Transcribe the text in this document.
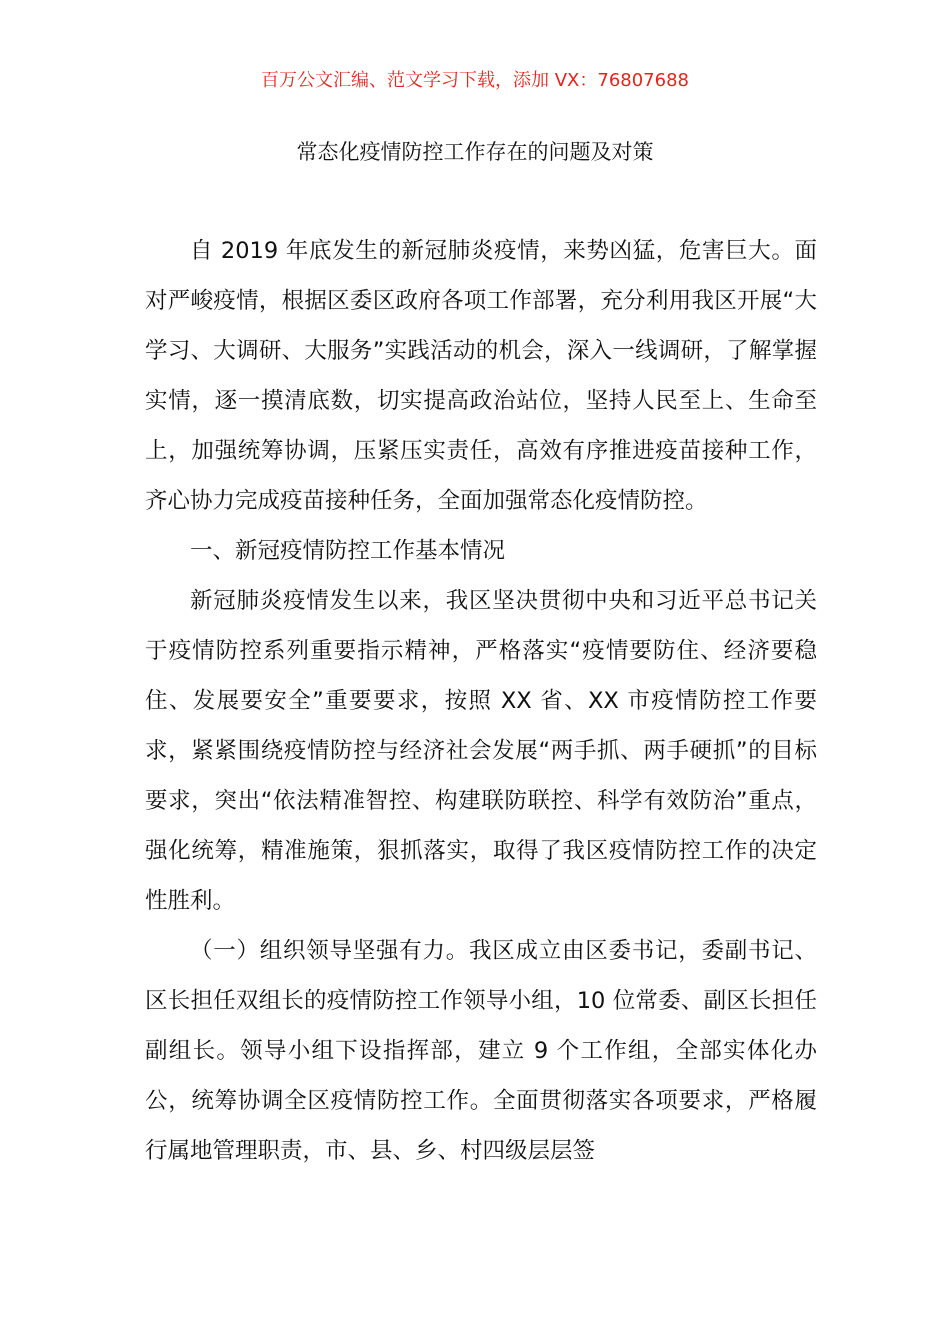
百万公文汇编、范文学习下载，添加 VX：76807688
常态化疫情防控工作存在的问题及对策

自 2019 年底发生的新冠肺炎疫情，来势凶猛，危害巨大。面对严峻疫情，根据区委区政府各项工作部署，充分利用我区开展“大学习、大调研、大服务”实践活动的机会，深入一线调研，了解掌握实情，逐一摸清底数，切实提高政治站位，坚持人民至上、生命至上，加强统筹协调，压紧压实责任，高效有序推进疫苗接种工作，齐心协力完成疫苗接种任务，全面加强常态化疫情防控。

一、新冠疫情防控工作基本情况

新冠肺炎疫情发生以来，我区坚决贯彻中央和习近平总书记关于疫情防控系列重要指示精神，严格落实“疫情要防住、经济要稳住、发展要安全”重要要求，按照 XX 省、XX 市疫情防控工作要求，紧紧围绕疫情防控与经济社会发展“两手抓、两手硬抓”的目标要求，突出“依法精准智控、构建联防联控、科学有效防治”重点，强化统筹，精准施策，狠抓落实，取得了我区疫情防控工作的决定性胜利。

（一）组织领导坚强有力。我区成立由区委书记，委副书记、区长担任双组长的疫情防控工作领导小组，10 位常委、副区长担任副组长。领导小组下设指挥部，建立 9 个工作组，全部实体化办公，统筹协调全区疫情防控工作。全面贯彻落实各项要求，严格履行属地管理职责，市、县、乡、村四级层层签
